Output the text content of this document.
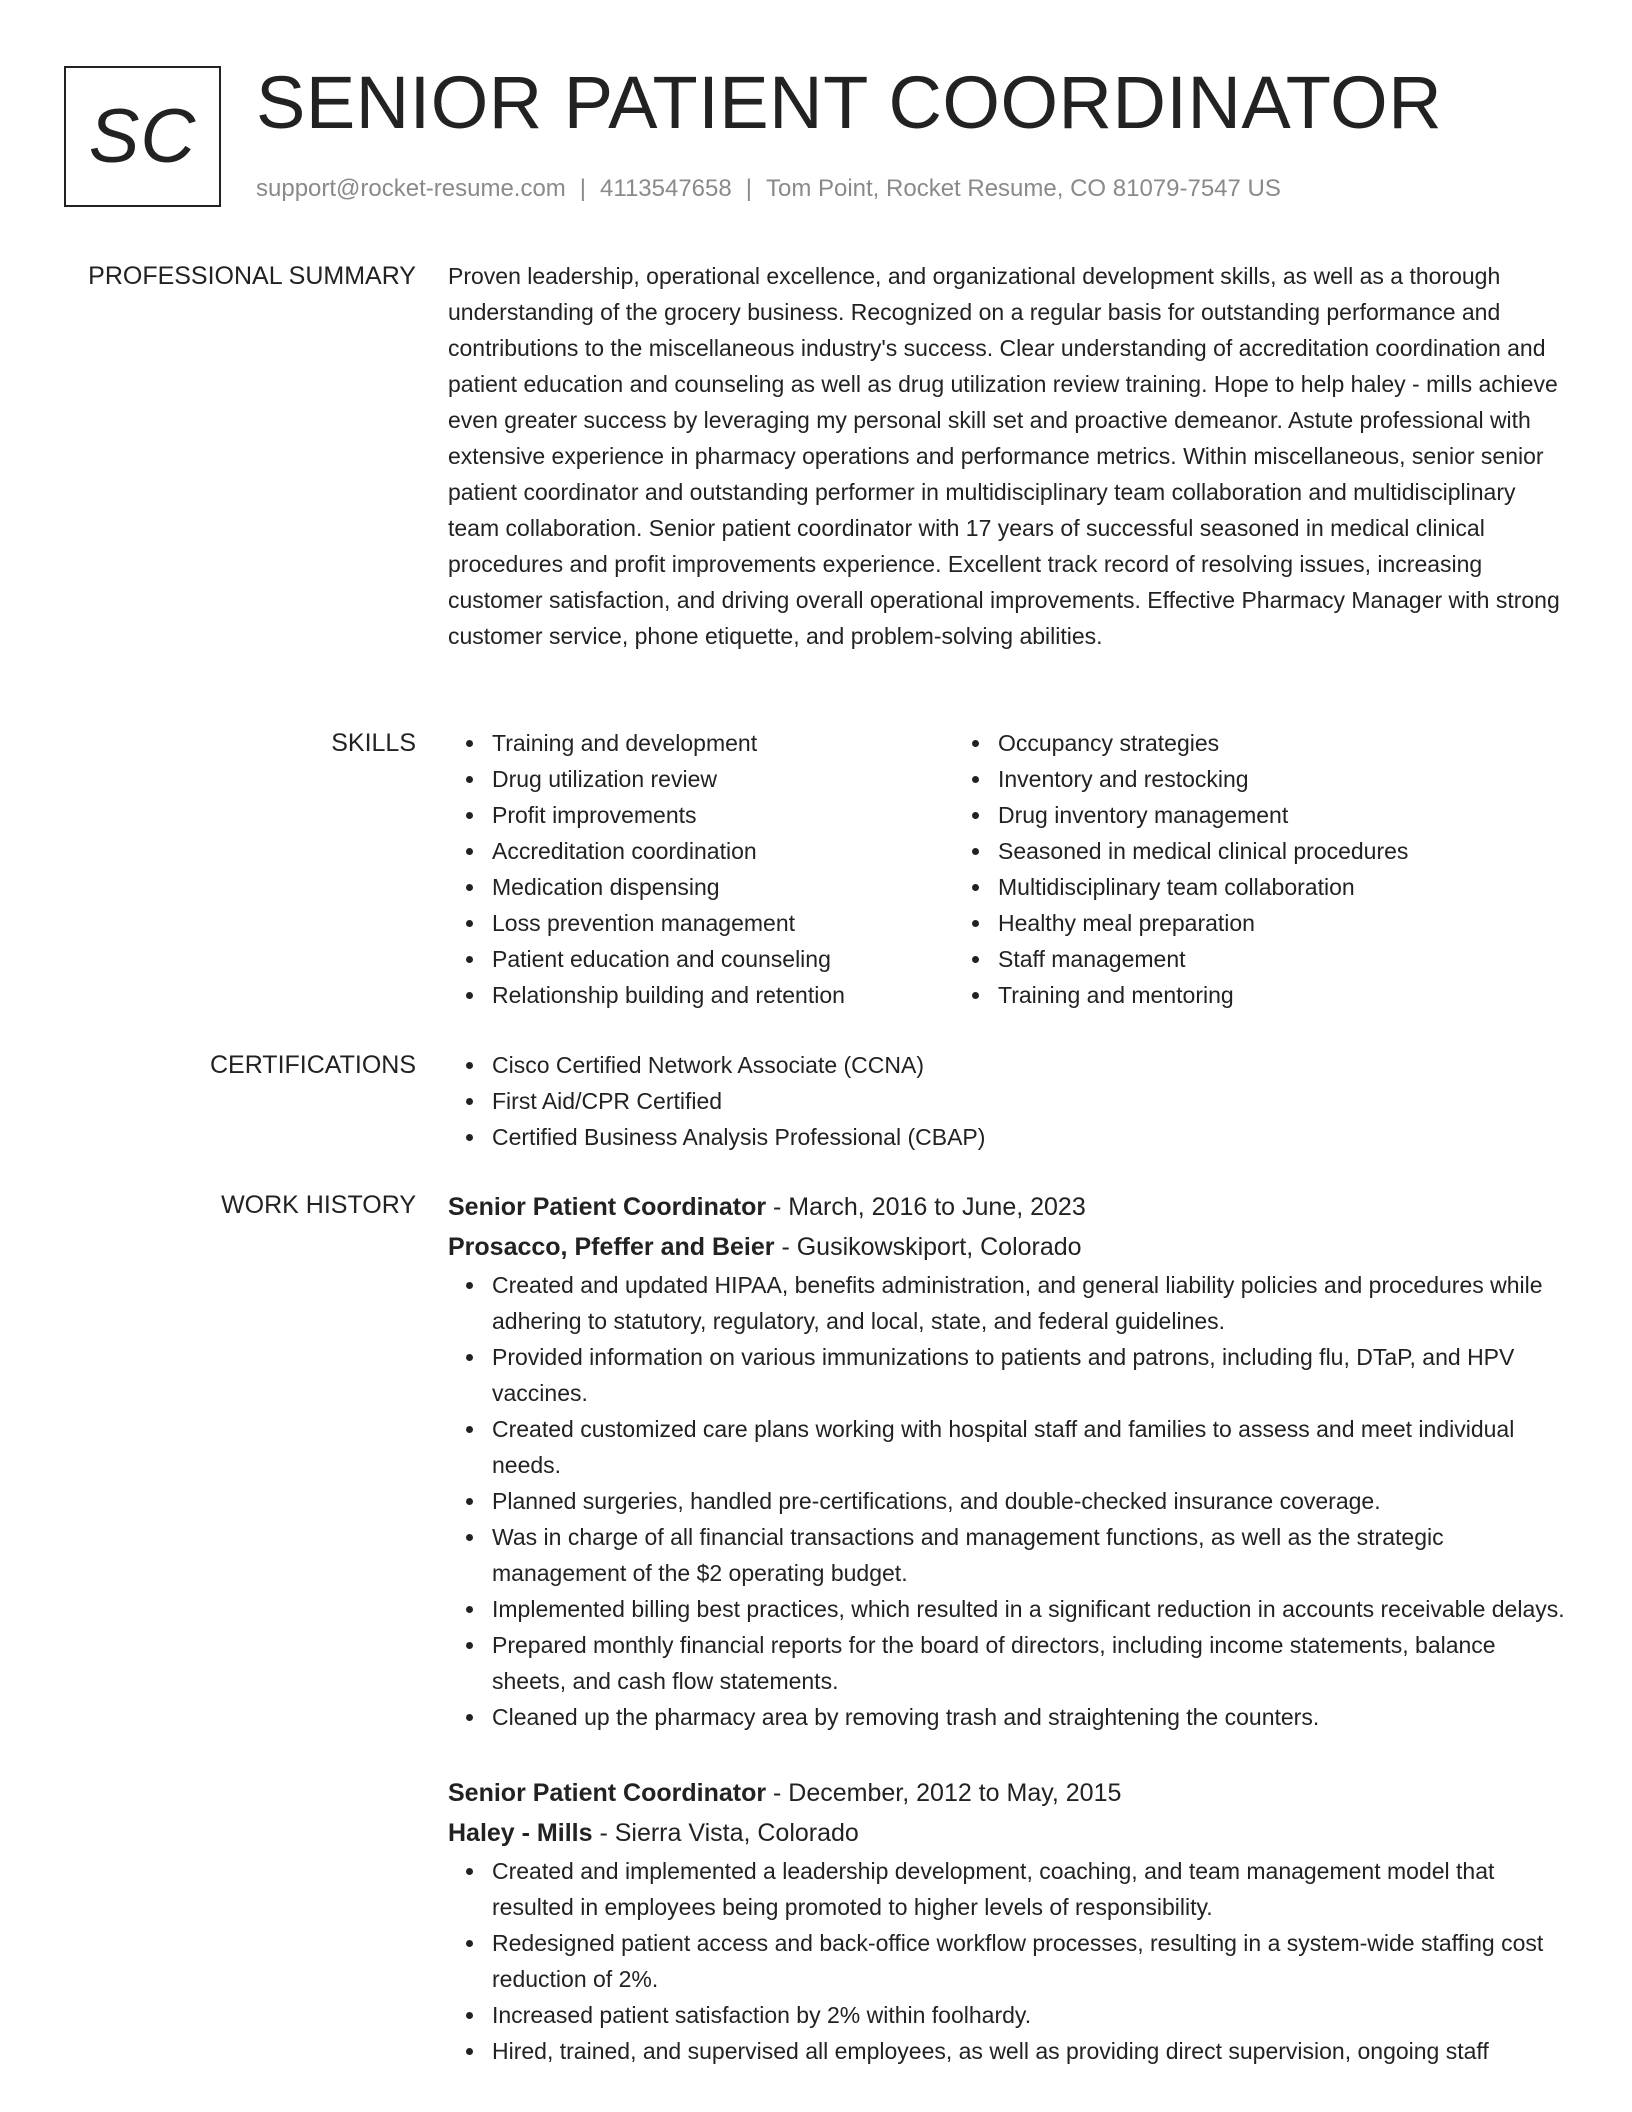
SC SENIOR PATIENT COORDINATOR
support@rocket-resume.com | 4113547658 | Tom Point, Rocket Resume, CO 81079-7547 US
PROFESSIONAL SUMMARY Proven leadership, operational excellence, and organizational development skills, as well as a thorough understanding of the grocery business. Recognized on a regular basis for outstanding performance and contributions to the miscellaneous industry's success. Clear understanding of accreditation coordination and patient education and counseling as well as drug utilization review training. Hope to help haley - mills achieve even greater success by leveraging my personal skill set and proactive demeanor. Astute professional with extensive experience in pharmacy operations and performance metrics. Within miscellaneous, senior senior patient coordinator and outstanding performer in multidisciplinary team collaboration and multidisciplinary team collaboration. Senior patient coordinator with 17 years of successful seasoned in medical clinical procedures and profit improvements experience. Excellent track record of resolving issues, increasing customer satisfaction, and driving overall operational improvements. Effective Pharmacy Manager with strong customer service, phone etiquette, and problem-solving abilities.

SKILLS	Training and development
Drug utilization review
Profit improvements
Accreditation coordination
Medication dispensing
Loss prevention management
Patient education and counseling
Relationship building and retention
Occupancy strategies
Inventory and restocking
Drug inventory management
Seasoned in medical clinical procedures
Multidisciplinary team collaboration
Healthy meal preparation
Staff management
Training and mentoring
CERTIFICATIONS	Cisco Certified Network Associate (CCNA)
First Aid/CPR Certified
Certified Business Analysis Professional (CBAP)
WORK HISTORY Senior Patient Coordinator - March, 2016 to June, 2023
Prosacco, Pfeffer and Beier - Gusikowskiport, Colorado
Created and updated HIPAA, benefits administration, and general liability policies and procedures while adhering to statutory, regulatory, and local, state, and federal guidelines.
Provided information on various immunizations to patients and patrons, including flu, DTaP, and HPV vaccines.
Created customized care plans working with hospital staff and families to assess and meet individual needs.
Planned surgeries, handled pre-certifications, and double-checked insurance coverage.
Was in charge of all financial transactions and management functions, as well as the strategic management of the $2 operating budget.
Implemented billing best practices, which resulted in a significant reduction in accounts receivable delays.
Prepared monthly financial reports for the board of directors, including income statements, balance sheets, and cash flow statements.
Cleaned up the pharmacy area by removing trash and straightening the counters.
Senior Patient Coordinator - December, 2012 to May, 2015
Haley - Mills - Sierra Vista, Colorado
Created and implemented a leadership development, coaching, and team management model that resulted in employees being promoted to higher levels of responsibility.
Redesigned patient access and back-office workflow processes, resulting in a system-wide staffing cost reduction of 2%.
Increased patient satisfaction by 2% within foolhardy.
Hired, trained, and supervised all employees, as well as providing direct supervision, ongoing staff
